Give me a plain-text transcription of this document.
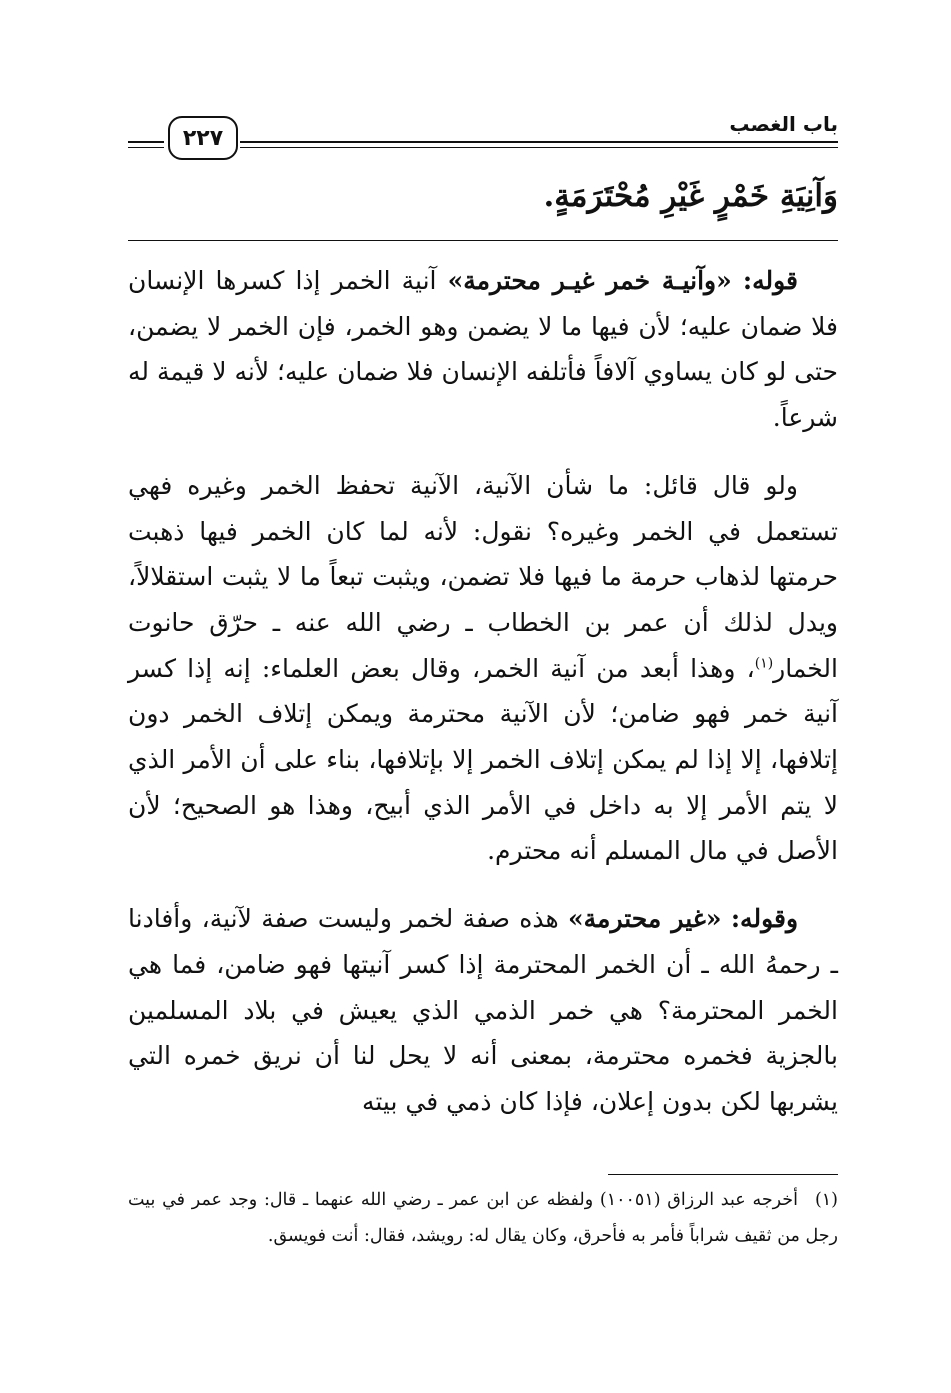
باب الغصب
٢٢٧
وَآنِيَةِ خَمْرٍ غَيْرِ مُحْتَرَمَةٍ.

قوله: «وآنيـة خمر غيـر محترمة» آنية الخمر إذا كسرها الإنسان فلا ضمان عليه؛ لأن فيها ما لا يضمن وهو الخمر، فإن الخمر لا يضمن، حتى لو كان يساوي آلافاً فأتلفه الإنسان فلا ضمان عليه؛ لأنه لا قيمة له شرعاً.

ولو قال قائل: ما شأن الآنية، الآنية تحفظ الخمر وغيره فهي تستعمل في الخمر وغيره؟ نقول: لأنه لما كان الخمر فيها ذهبت حرمتها لذهاب حرمة ما فيها فلا تضمن، ويثبت تبعاً ما لا يثبت استقلالاً، ويدل لذلك أن عمر بن الخطاب ـ رضي الله عنه ـ حرّق حانوت الخمار$^{(١)}$، وهذا أبعد من آنية الخمر، وقال بعض العلماء: إنه إذا كسر آنية خمر فهو ضامن؛ لأن الآنية محترمة ويمكن إتلاف الخمر دون إتلافها، إلا إذا لم يمكن إتلاف الخمر إلا بإتلافها، بناء على أن الأمر الذي لا يتم الأمر إلا به داخل في الأمر الذي أبيح، وهذا هو الصحيح؛ لأن الأصل في مال المسلم أنه محترم.

وقوله: «غير محترمة» هذه صفة لخمر وليست صفة لآنية، وأفادنا ـ رحمهُ الله ـ أن الخمر المحترمة إذا كسر آنيتها فهو ضامن، فما هي الخمر المحترمة؟ هي خمر الذمي الذي يعيش في بلاد المسلمين بالجزية فخمره محترمة، بمعنى أنه لا يحل لنا أن نريق خمره التي يشربها لكن بدون إعلان، فإذا كان ذمي في بيته

(١)أخرجه عبد الرزاق (١٠٠٥١) ولفظه عن ابن عمر ـ رضي الله عنهما ـ قال: وجد عمر في بيت رجل من ثقيف شراباً فأمر به فأحرق، وكان يقال له: رويشد، فقال: أنت فويسق.
